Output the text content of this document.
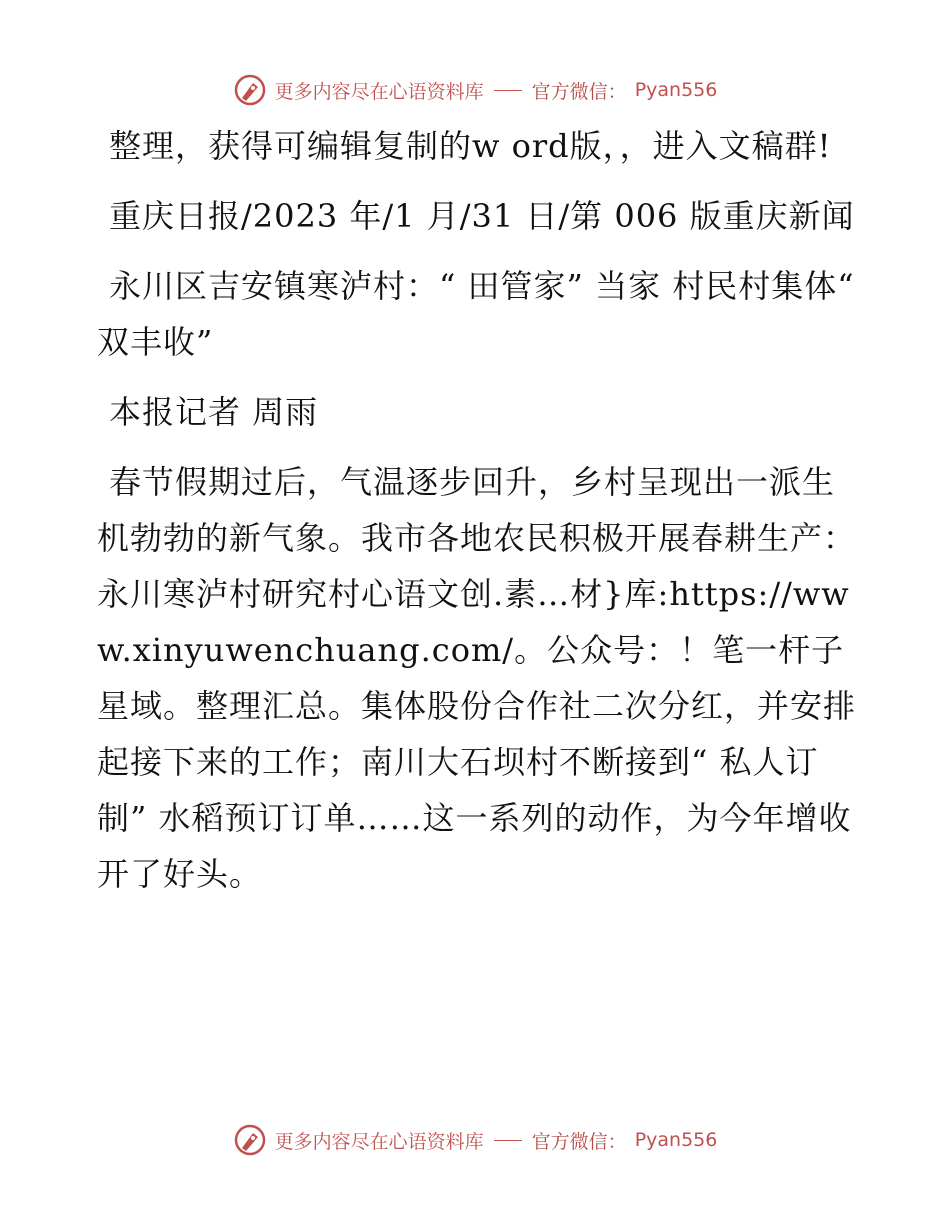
更多内容尽在心语资料库	官方微信： Pyan556

整理，获得可编辑复制的w ord版，，进入文稿群!

重庆日报/2023 年/1 月/31 日/第 006 版重庆新闻

永川区吉安镇寒泸村：“ 田管家” 当家 村民村集体“ 双丰收”

本报记者 周雨

春节假期过后，气温逐步回升，乡村呈现出一派生机勃勃的新气象。我市各地农民积极开展春耕生产：永川寒泸村研究村心语文创.素…材}库:https://www.xinyuwenchuang.com/。公众号：！笔一杆子星域。整理汇总。集体股份合作社二次分红，并安排起接下来的工作；南川大石坝村不断接到“ 私人订制” 水稻预订订单……这一系列的动作，为今年增收开了好头。

更多内容尽在心语资料库	官方微信： Pyan556
